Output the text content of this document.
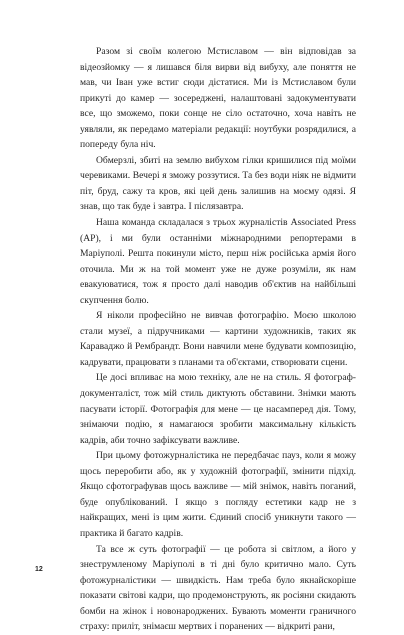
Разом зі своїм колегою Мстиславом — він відповідав за відеозйомку — я лишався біля вирви від вибуху, але поняття не мав, чи Іван уже встиг сюди дістатися. Ми із Мстиславом були прикуті до камер — зосереджені, налаштовані задокументувати все, що зможемо, поки сонце не сіло остаточно, хоча навіть не уявляли, як передамо матеріали редакції: ноутбуки розрядилися, а попереду була ніч.

Обмерзлі, збиті на землю вибухом гілки кришилися під моїми черевиками. Вечері я зможу роззутися. Та без води ніяк не відмити піт, бруд, сажу та кров, які цей день залишив на моєму одязі. Я знав, що так буде і завтра. І післязавтра.

Наша команда складалася з трьох журналістів Associated Press (AP), і ми були останніми міжнародними репортерами в Маріуполі. Решта покинули місто, перш ніж російська армія його оточила. Ми ж на той момент уже не дуже розуміли, як нам евакуюватися, тож я просто далі наводив об'єктив на найбільші скупчення болю.

Я ніколи професійно не вивчав фотографію. Моєю школою стали музеї, а підручниками — картини художників, таких як Караваджо й Рембрандт. Вони навчили мене будувати композицію, кадрувати, працювати з планами та об'єктами, створювати сцени.

Це досі впливає на мою техніку, але не на стиль. Я фотограф-документаліст, тож мій стиль диктують обставини. Знімки мають пасувати історії. Фотографія для мене — це насамперед дія. Тому, знімаючи подію, я намагаюся зробити максимальну кількість кадрів, аби точно зафіксувати важливе.

При цьому фотожурналістика не передбачає пауз, коли я можу щось переробити або, як у художній фотографії, змінити підхід. Якщо сфотографував щось важливе — мій знімок, навіть поганий, буде опублікований. І якщо з погляду естетики кадр не з найкращих, мені із цим жити. Єдиний спосіб уникнути такого — практика й багато кадрів.

Та все ж суть фотографії — це робота зі світлом, а його у знеструмленому Маріуполі в ті дні було критично мало. Суть фотожурналістики — швидкість. Нам треба було якнайскоріше показати світові кадри, що продемонструють, як росіяни скидають бомби на жінок і новонароджених. Бувають моменти граничного страху: приліт, знімаєш мертвих і поранених — відкриті рани,

12
